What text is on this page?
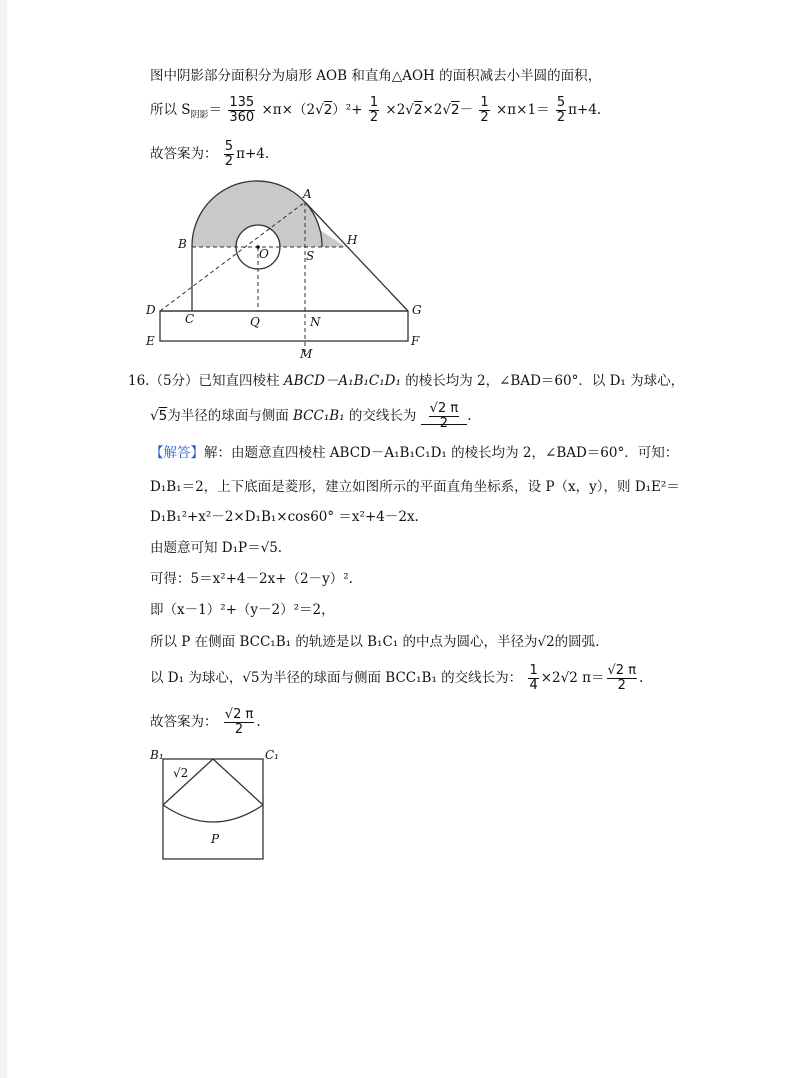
图中阴影部分面积分为扇形 AOB 和直角△AOH 的面积减去小半圆的面积，
所以 $S_{阴影}= \frac{135}{360} \times\pi\times(2√2)^2+ \frac{1}{2} \times 2√2\times 2√2- \frac{1}{2} \times\pi\times 1= \frac{5}{2} \pi+4$.
故答案为： $\frac{5}{2} \pi+4$.
A
B
O	S
H
D
C	Q	N
G
E
M
F
16.（5分）已知直四棱柱 ABCD－A₁B₁C₁D₁ 的棱长均为 2，∠BAD＝60°．以 D₁ 为球心，
√5为半径的球面与侧面 BCC₁B₁ 的交线长为 $\frac{√2 \pi}{2}$ .
【解答】解：由题意直四棱柱 ABCD－A₁B₁C₁D₁ 的棱长均为 2，∠BAD＝60°．可知：
D₁B₁＝2，上下底面是菱形，建立如图所示的平面直角坐标系，设 P（x，y），则 D₁E²＝
D₁B₁²+x²－2×D₁B₁×cos60° ＝x²+4－2x.
由题意可知 D₁P＝√5.
可得：5＝x²+4－2x+（2－y）².
即（x－1）²+（y－2）²＝2，
所以 P 在侧面 BCC₁B₁ 的轨迹是以 B₁C₁ 的中点为圆心，半径为√2的圆弧.
以 D₁ 为球心，√5为半径的球面与侧面 BCC₁B₁ 的交线长为： $\frac{1}{4} \times 2√2$ $\pi= \frac{√2 \pi}{2}$ .
故答案为： $\frac{√2 \pi}{2}$ .
B₁	C₁
√2
P
